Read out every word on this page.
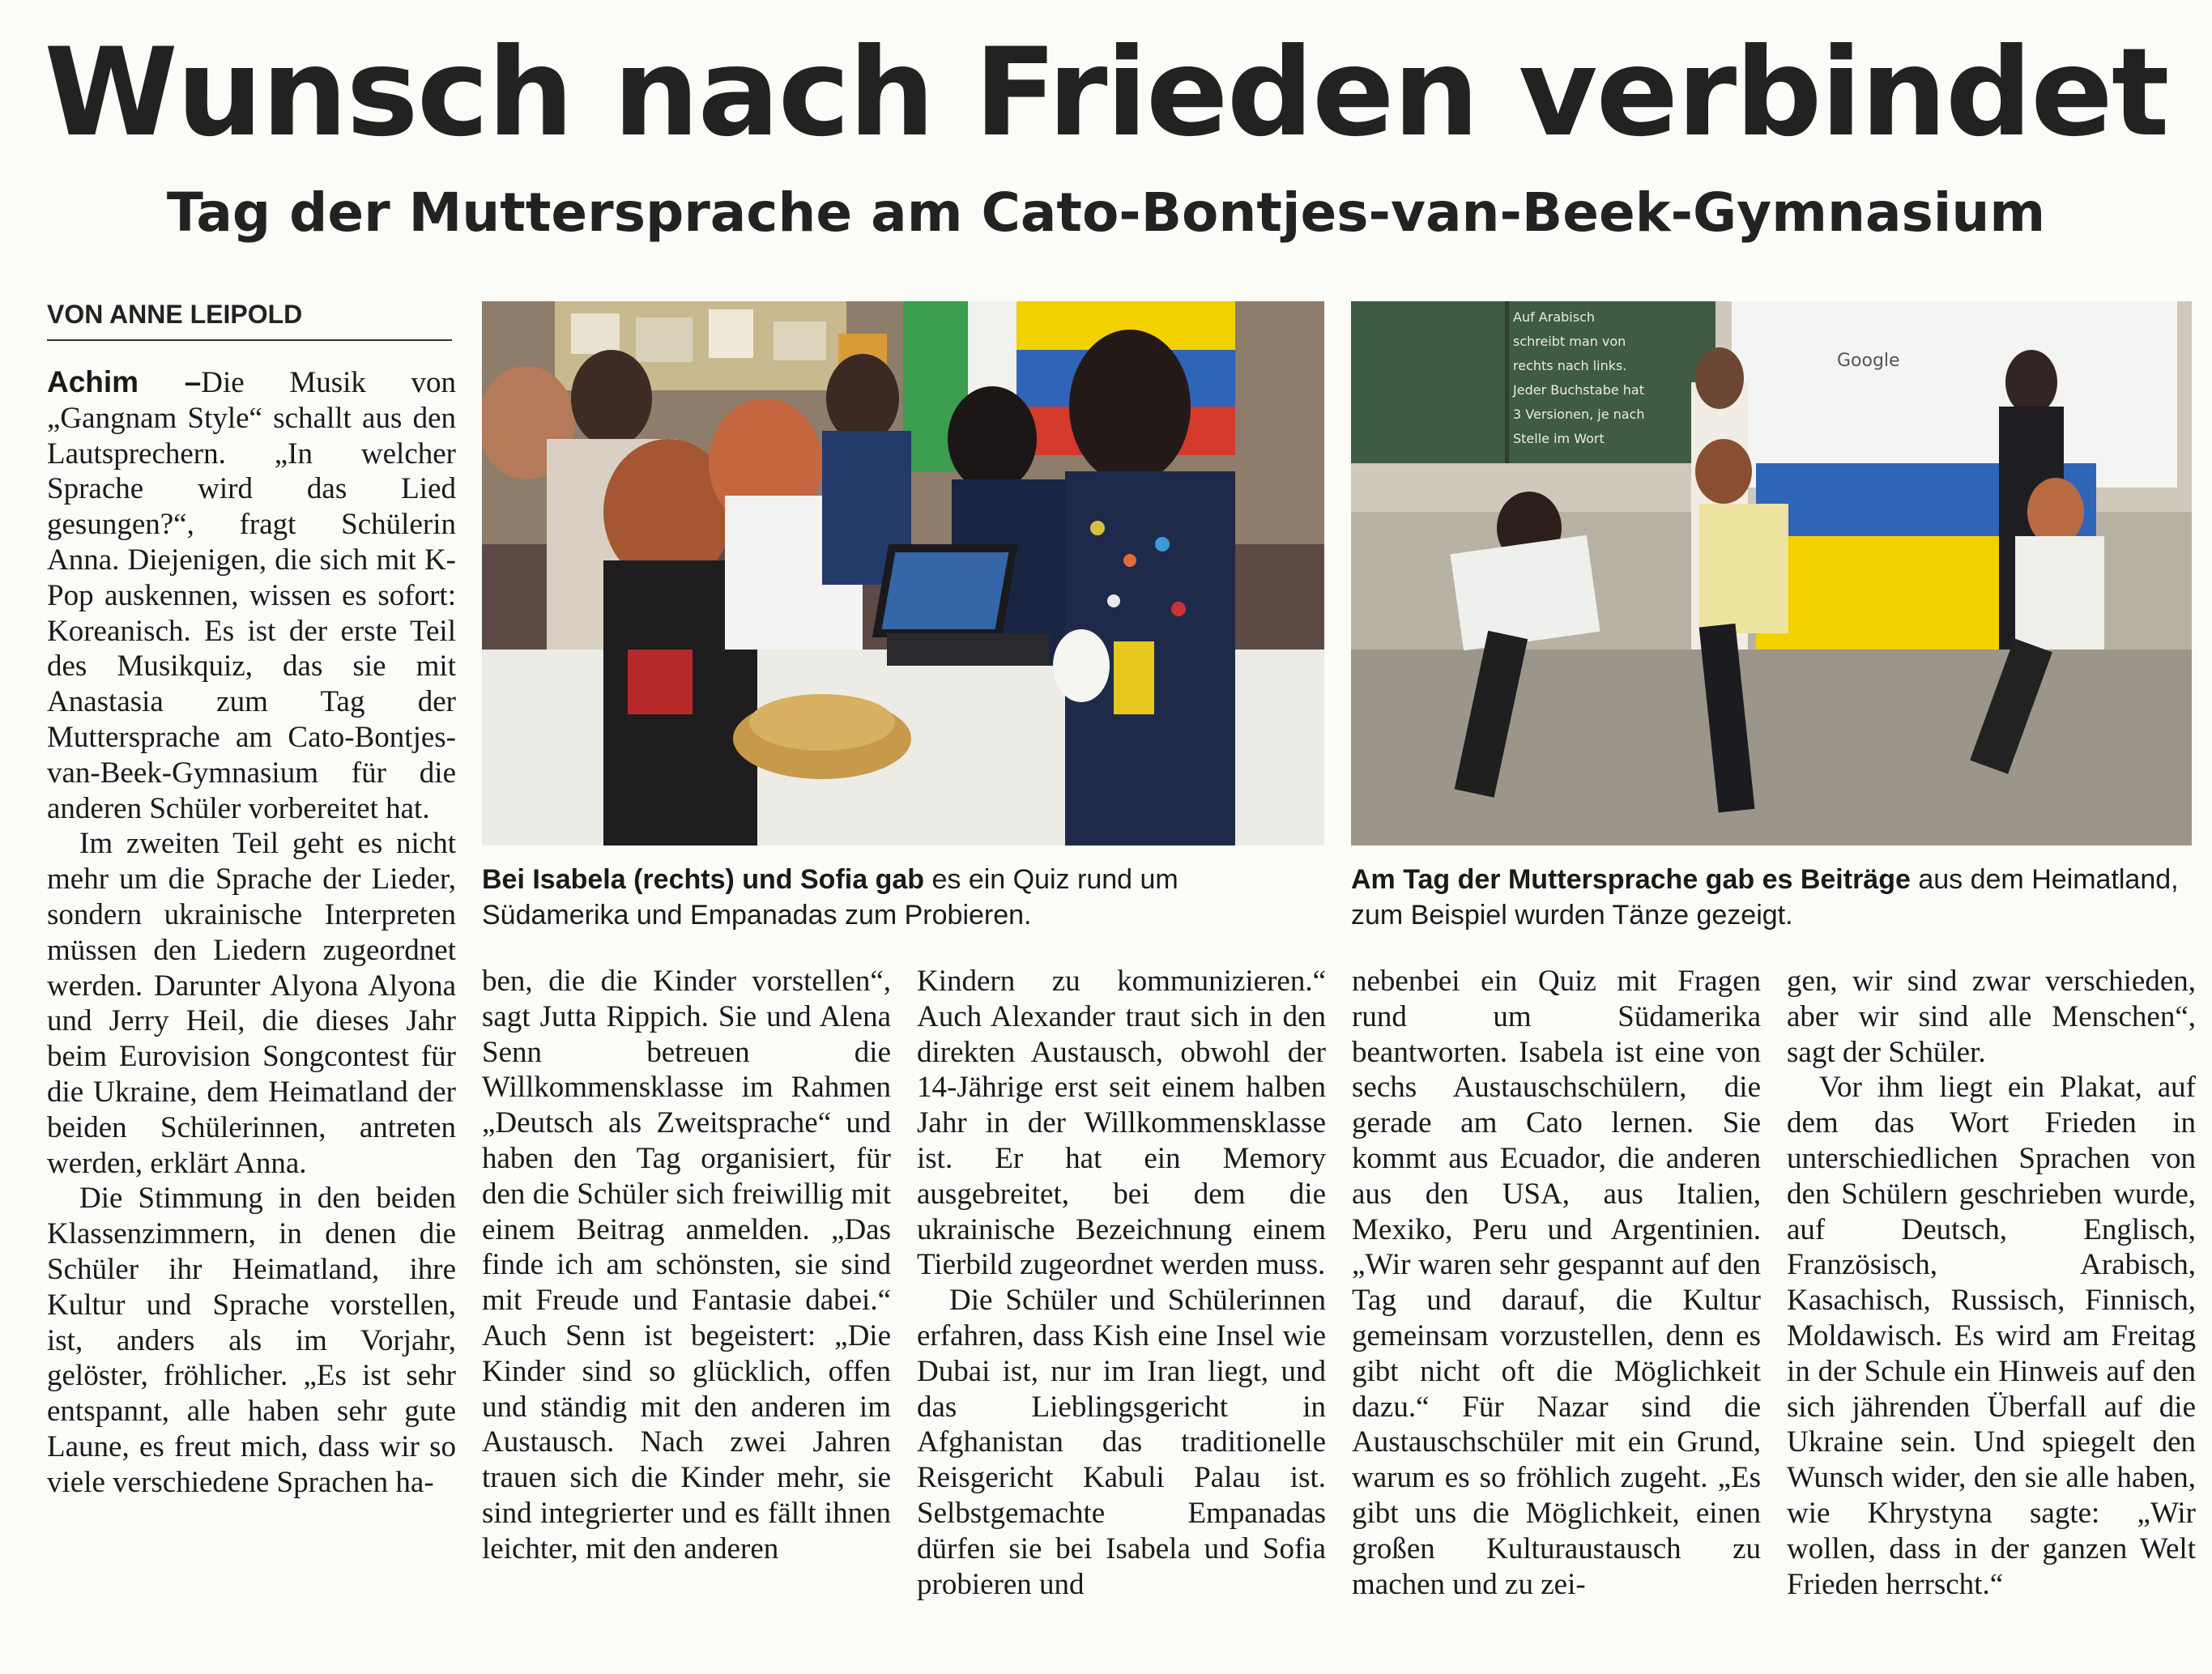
Wunsch nach Frieden verbindet
Tag der Muttersprache am Cato-Bontjes-van-Beek-Gymnasium
VON ANNE LEIPOLD

Achim –Die Musik von „Gangnam Style“ schallt aus den Lautsprechern. „In welcher Sprache wird das Lied gesungen?“, fragt Schülerin Anna. Diejenigen, die sich mit K-Pop auskennen, wissen es sofort: Koreanisch. Es ist der erste Teil des Musikquiz, das sie mit Anastasia zum Tag der Muttersprache am Cato-Bontjes-van-Beek-Gymnasium für die anderen Schüler vorbereitet hat.

Im zweiten Teil geht es nicht mehr um die Sprache der Lieder, sondern ukrainische Interpreten müssen den Liedern zugeordnet werden. Darunter Alyona Alyona und Jerry Heil, die dieses Jahr beim Eurovision Songcontest für die Ukraine, dem Heimatland der beiden Schülerinnen, antreten werden, erklärt Anna.

Die Stimmung in den beiden Klassenzimmern, in denen die Schüler ihr Heimatland, ihre Kultur und Sprache vorstellen, ist, anders als im Vorjahr, gelöster, fröhlicher. „Es ist sehr entspannt, alle haben sehr gute Laune, es freut mich, dass wir so viele verschiedene Sprachen ha-

Bei Isabela (rechts) und Sofia gab es ein Quiz rund um Südamerika und Empanadas zum Probieren.
Auf Arabisch
schreibt man von
rechts nach links.
Jeder Buchstabe hat
3 Versionen, je nach
Stelle im Wort
Google
Am Tag der Muttersprache gab es Beiträge aus dem Heimatland, zum Beispiel wurden Tänze gezeigt.

ben, die die Kinder vorstellen“, sagt Jutta Rippich. Sie und Alena Senn betreuen die Willkommensklasse im Rahmen „Deutsch als Zweitsprache“ und haben den Tag organisiert, für den die Schüler sich freiwillig mit einem Beitrag anmelden. „Das finde ich am schönsten, sie sind mit Freude und Fantasie dabei.“ Auch Senn ist begeistert: „Die Kinder sind so glücklich, offen und ständig mit den anderen im Austausch. Nach zwei Jahren trauen sich die Kinder mehr, sie sind integrierter und es fällt ihnen leichter, mit den anderen

Kindern zu kommunizieren.“ Auch Alexander traut sich in den direkten Austausch, obwohl der 14-Jährige erst seit einem halben Jahr in der Willkommensklasse ist. Er hat ein Memory ausgebreitet, bei dem die ukrainische Bezeichnung einem Tierbild zugeordnet werden muss.

Die Schüler und Schülerinnen erfahren, dass Kish eine Insel wie Dubai ist, nur im Iran liegt, und das Lieblingsgericht in Afghanistan das traditionelle Reisgericht Kabuli Palau ist. Selbstgemachte Empanadas dürfen sie bei Isabela und Sofia probieren und

nebenbei ein Quiz mit Fragen rund um Südamerika beantworten. Isabela ist eine von sechs Austauschschülern, die gerade am Cato lernen. Sie kommt aus Ecuador, die anderen aus den USA, aus Italien, Mexiko, Peru und Argentinien. „Wir waren sehr gespannt auf den Tag und darauf, die Kultur gemeinsam vorzustellen, denn es gibt nicht oft die Möglichkeit dazu.“ Für Nazar sind die Austauschschüler mit ein Grund, warum es so fröhlich zugeht. „Es gibt uns die Möglichkeit, einen großen Kulturaustausch zu machen und zu zei-

gen, wir sind zwar verschieden, aber wir sind alle Menschen“, sagt der Schüler.

Vor ihm liegt ein Plakat, auf dem das Wort Frieden in unterschiedlichen Sprachen von den Schülern geschrieben wurde, auf Deutsch, Englisch, Französisch, Arabisch, Kasachisch, Russisch, Finnisch, Moldawisch. Es wird am Freitag in der Schule ein Hinweis auf den sich jährenden Überfall auf die Ukraine sein. Und spiegelt den Wunsch wider, den sie alle haben, wie Khrystyna sagte: „Wir wollen, dass in der ganzen Welt Frieden herrscht.“
